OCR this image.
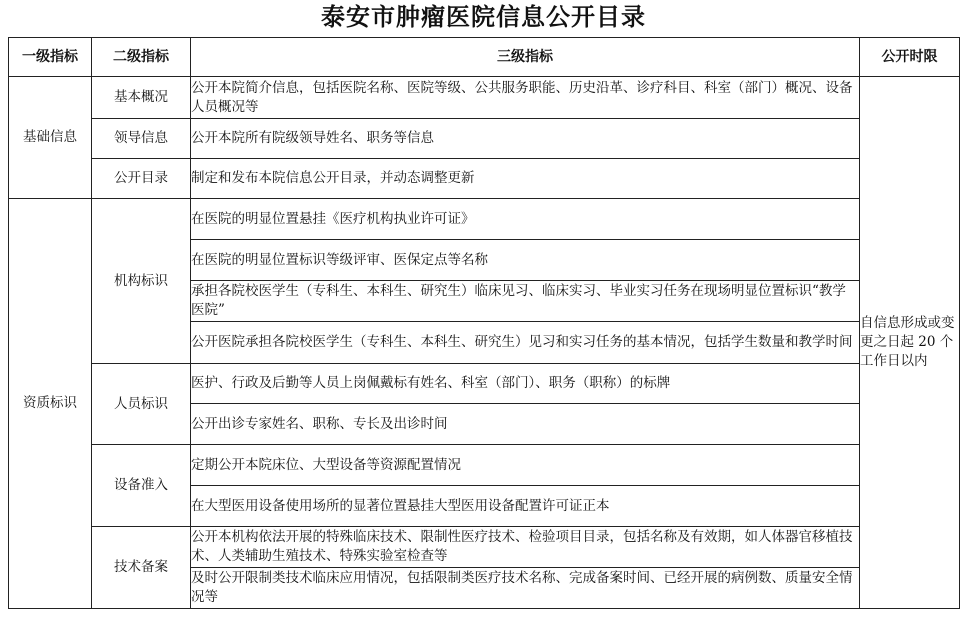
泰安市肿瘤医院信息公开目录
一级指标	二级指标	三级指标	公开时限
基础信息	基本概况	公开本院简介信息，包括医院名称、医院等级、公共服务职能、历史沿革、诊疗科目、科室（部门）概况、设备人员概况等	自信息形成或变更之日起 20 个工作日以内
	领导信息	公开本院所有院级领导姓名、职务等信息	
	公开目录	制定和发布本院信息公开目录，并动态调整更新	
资质标识	机构标识	在医院的明显位置悬挂《医疗机构执业许可证》	
		在医院的明显位置标识等级评审、医保定点等名称	
		承担各院校医学生（专科生、本科生、研究生）临床见习、临床实习、毕业实习任务在现场明显位置标识“教学医院”	
		公开医院承担各院校医学生（专科生、本科生、研究生）见习和实习任务的基本情况，包括学生数量和教学时间	
	人员标识	医护、行政及后勤等人员上岗佩戴标有姓名、科室（部门）、职务（职称）的标牌	
		公开出诊专家姓名、职称、专长及出诊时间	
	设备准入	定期公开本院床位、大型设备等资源配置情况	
		在大型医用设备使用场所的显著位置悬挂大型医用设备配置许可证正本	
	技术备案	公开本机构依法开展的特殊临床技术、限制性医疗技术、检验项目目录，包括名称及有效期，如人体器官移植技术、人类辅助生殖技术、特殊实验室检查等	
		及时公开限制类技术临床应用情况，包括限制类医疗技术名称、完成备案时间、已经开展的病例数、质量安全情况等	
